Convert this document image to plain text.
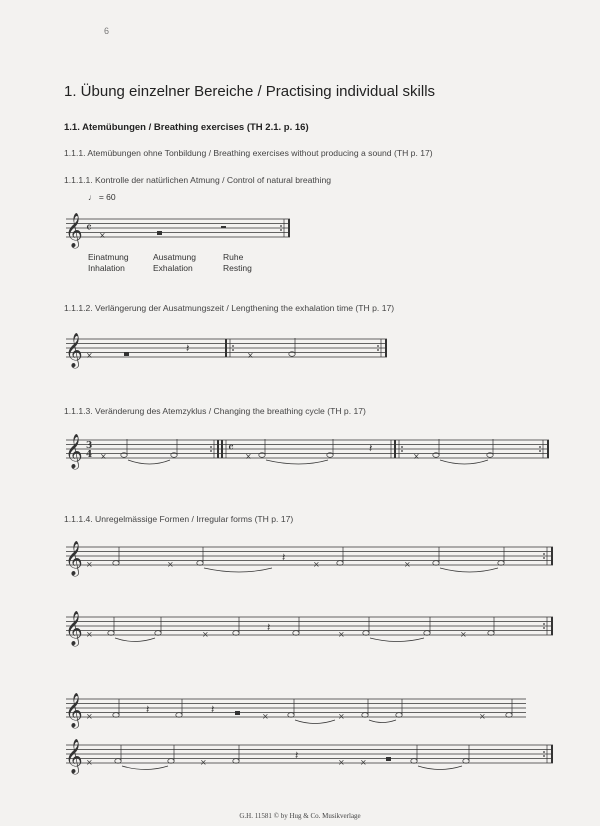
6
1. Übung einzelner Bereiche / Practising individual skills
1.1. Atemübungen / Breathing exercises (TH 2.1. p. 16)
1.1.1. Atemübungen ohne Tonbildung / Breathing exercises without producing a sound (TH p. 17)
1.1.1.1. Kontrolle der natürlichen Atmung / Control of natural breathing
♩ = 60
Einatmung
Inhalation
Ausatmung
Exhalation
Ruhe
Resting
1.1.1.2. Verlängerung der Ausatmungszeit / Lengthening the exhalation time (TH p. 17)
1.1.1.3. Veränderung des Atemzyklus / Changing the breathing cycle (TH p. 17)
1.1.1.4. Unregelmässige Formen / Irregular forms (TH p. 17)
𝄞 𝄴 ×
𝄞 ×
𝄽
×
𝄞 3
4 ×
𝄴
×
𝄽
×
𝄞 ×	×
𝄽
×	×
𝄞 ×	×
𝄽
×	×
𝄞 ×
𝄽	𝄽
×	×	×
𝄞 ×	×
𝄽
× ×
G.H. 11581 © by Hug & Co. Musikverlage
